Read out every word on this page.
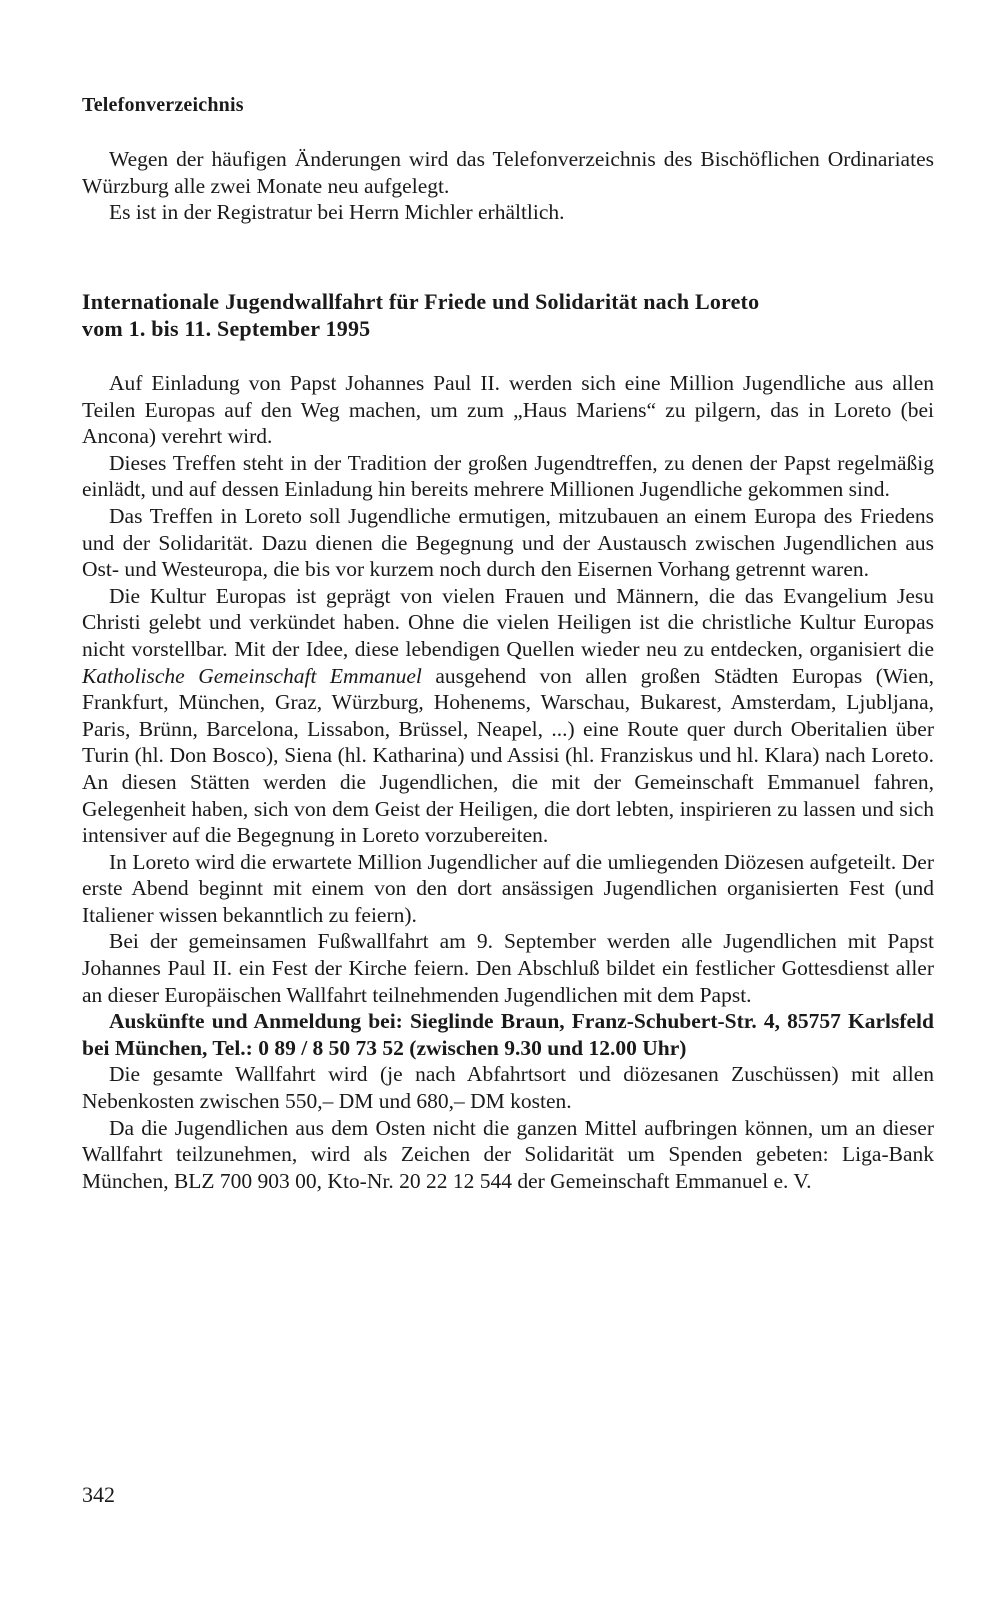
Telefonverzeichnis

Wegen der häufigen Änderungen wird das Telefonverzeichnis des Bischöflichen Ordinariates Würzburg alle zwei Monate neu aufgelegt.

Es ist in der Registratur bei Herrn Michler erhältlich.

Internationale Jugendwallfahrt für Friede und Solidarität nach Loreto
vom 1. bis 11. September 1995

Auf Einladung von Papst Johannes Paul II. werden sich eine Million Jugendliche aus allen Teilen Europas auf den Weg machen, um zum „Haus Mariens“ zu pilgern, das in Loreto (bei Ancona) verehrt wird.

Dieses Treffen steht in der Tradition der großen Jugendtreffen, zu denen der Papst regelmäßig einlädt, und auf dessen Einladung hin bereits mehrere Millionen Jugendliche gekommen sind.

Das Treffen in Loreto soll Jugendliche ermutigen, mitzubauen an einem Europa des Friedens und der Solidarität. Dazu dienen die Begegnung und der Austausch zwischen Jugendlichen aus Ost- und Westeuropa, die bis vor kurzem noch durch den Eisernen Vorhang getrennt waren.

Die Kultur Europas ist geprägt von vielen Frauen und Männern, die das Evangelium Jesu Christi gelebt und verkündet haben. Ohne die vielen Heiligen ist die christliche Kultur Europas nicht vorstellbar. Mit der Idee, diese lebendigen Quellen wieder neu zu entdecken, organisiert die Katholische Gemeinschaft Emmanuel ausgehend von allen großen Städten Europas (Wien, Frankfurt, München, Graz, Würzburg, Hohenems, Warschau, Bukarest, Amsterdam, Ljubljana, Paris, Brünn, Barcelona, Lissabon, Brüssel, Neapel, ...) eine Route quer durch Oberitalien über Turin (hl. Don Bosco), Siena (hl. Katharina) und Assisi (hl. Franziskus und hl. Klara) nach Loreto. An diesen Stätten werden die Jugendlichen, die mit der Gemeinschaft Emmanuel fahren, Gelegenheit haben, sich von dem Geist der Heiligen, die dort lebten, inspirieren zu lassen und sich intensiver auf die Begegnung in Loreto vorzubereiten.

In Loreto wird die erwartete Million Jugendlicher auf die umliegenden Diözesen aufgeteilt. Der erste Abend beginnt mit einem von den dort ansässigen Jugendlichen organisierten Fest (und Italiener wissen bekanntlich zu feiern).

Bei der gemeinsamen Fußwallfahrt am 9. September werden alle Jugendlichen mit Papst Johannes Paul II. ein Fest der Kirche feiern. Den Abschluß bildet ein festlicher Gottesdienst aller an dieser Europäischen Wallfahrt teilnehmenden Jugendlichen mit dem Papst.

Auskünfte und Anmeldung bei: Sieglinde Braun, Franz-Schubert-Str. 4, 85757 Karlsfeld bei München, Tel.: 0 89 / 8 50 73 52 (zwischen 9.30 und 12.00 Uhr)

Die gesamte Wallfahrt wird (je nach Abfahrtsort und diözesanen Zuschüssen) mit allen Nebenkosten zwischen 550,– DM und 680,– DM kosten.

Da die Jugendlichen aus dem Osten nicht die ganzen Mittel aufbringen können, um an dieser Wallfahrt teilzunehmen, wird als Zeichen der Solidarität um Spenden gebeten: Liga-Bank München, BLZ 700 903 00, Kto-Nr. 20 22 12 544 der Gemeinschaft Emmanuel e. V.

342
